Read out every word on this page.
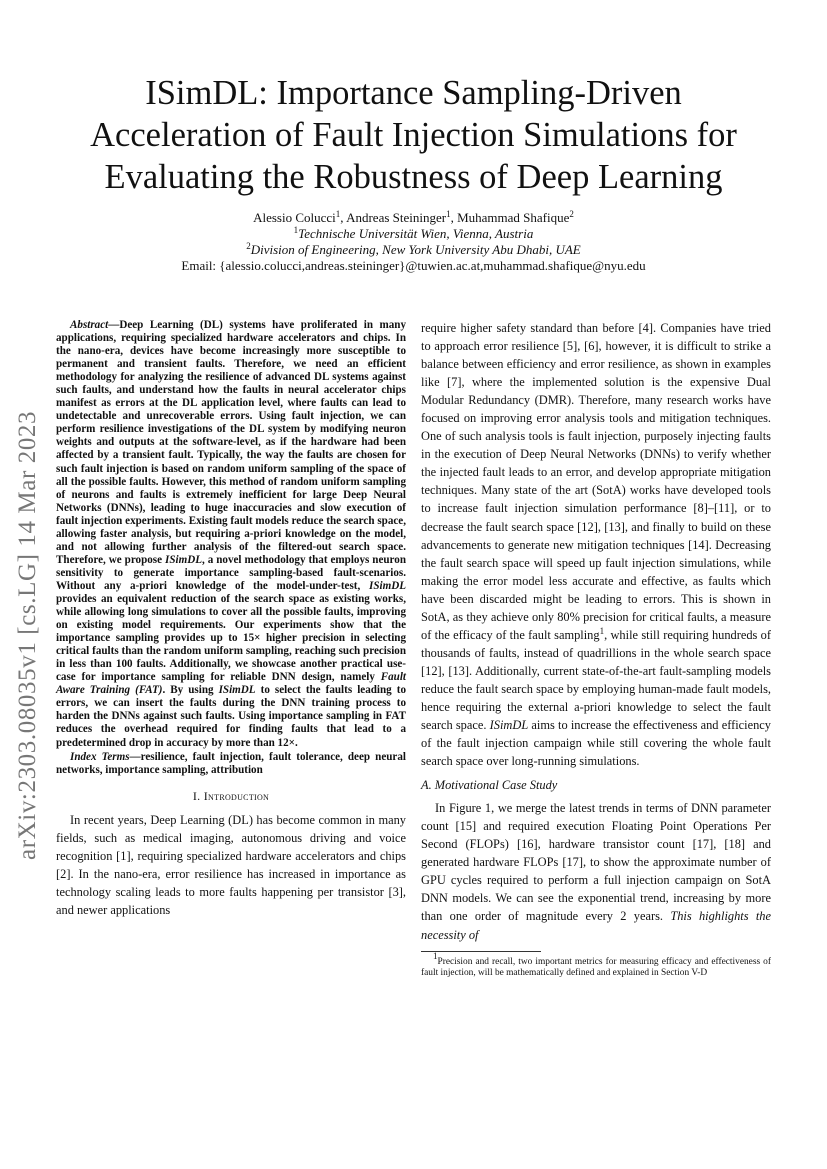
arXiv:2303.08035v1 [cs.LG] 14 Mar 2023
ISimDL: Importance Sampling-Driven Acceleration of Fault Injection Simulations for Evaluating the Robustness of Deep Learning
Alessio Colucci$^1$, Andreas Steininger$^1$, Muhammad Shafique$^2$
$^1$Technische Universität Wien, Vienna, Austria
$^2$Division of Engineering, New York University Abu Dhabi, UAE
Email: {alessio.colucci,andreas.steininger}@tuwien.ac.at,muhammad.shafique@nyu.edu

Abstract—Deep Learning (DL) systems have proliferated in many applications, requiring specialized hardware accelerators and chips. In the nano-era, devices have become increasingly more susceptible to permanent and transient faults. Therefore, we need an efficient methodology for analyzing the resilience of advanced DL systems against such faults, and understand how the faults in neural accelerator chips manifest as errors at the DL application level, where faults can lead to undetectable and unrecoverable errors. Using fault injection, we can perform resilience investigations of the DL system by modifying neuron weights and outputs at the software-level, as if the hardware had been affected by a transient fault. Typically, the way the faults are chosen for such fault injection is based on random uniform sampling of the space of all the possible faults. However, this method of random uniform sampling of neurons and faults is extremely inefficient for large Deep Neural Networks (DNNs), leading to huge inaccuracies and slow execution of fault injection experiments. Existing fault models reduce the search space, allowing faster analysis, but requiring a-priori knowledge on the model, and not allowing further analysis of the filtered-out search space. Therefore, we propose ISimDL, a novel methodology that employs neuron sensitivity to generate importance sampling-based fault-scenarios. Without any a-priori knowledge of the model-under-test, ISimDL provides an equivalent reduction of the search space as existing works, while allowing long simulations to cover all the possible faults, improving on existing model requirements. Our experiments show that the importance sampling provides up to 15× higher precision in selecting critical faults than the random uniform sampling, reaching such precision in less than 100 faults. Additionally, we showcase another practical use-case for importance sampling for reliable DNN design, namely Fault Aware Training (FAT). By using ISimDL to select the faults leading to errors, we can insert the faults during the DNN training process to harden the DNNs against such faults. Using importance sampling in FAT reduces the overhead required for finding faults that lead to a predetermined drop in accuracy by more than 12×.

Index Terms—resilience, fault injection, fault tolerance, deep neural networks, importance sampling, attribution

I. Introduction

In recent years, Deep Learning (DL) has become common in many fields, such as medical imaging, autonomous driving and voice recognition [1], requiring specialized hardware accelerators and chips [2]. In the nano-era, error resilience has increased in importance as technology scaling leads to more faults happening per transistor [3], and newer applications

require higher safety standard than before [4]. Companies have tried to approach error resilience [5], [6], however, it is difficult to strike a balance between efficiency and error resilience, as shown in examples like [7], where the implemented solution is the expensive Dual Modular Redundancy (DMR). Therefore, many research works have focused on improving error analysis tools and mitigation techniques. One of such analysis tools is fault injection, purposely injecting faults in the execution of Deep Neural Networks (DNNs) to verify whether the injected fault leads to an error, and develop appropriate mitigation techniques. Many state of the art (SotA) works have developed tools to increase fault injection simulation performance [8]–[11], or to decrease the fault search space [12], [13], and finally to build on these advancements to generate new mitigation techniques [14]. Decreasing the fault search space will speed up fault injection simulations, while making the error model less accurate and effective, as faults which have been discarded might be leading to errors. This is shown in SotA, as they achieve only 80% precision for critical faults, a measure of the efficacy of the fault sampling$^1$, while still requiring hundreds of thousands of faults, instead of quadrillions in the whole search space [12], [13]. Additionally, current state-of-the-art fault-sampling models reduce the fault search space by employing human-made fault models, hence requiring the external a-priori knowledge to select the fault search space. ISimDL aims to increase the effectiveness and efficiency of the fault injection campaign while still covering the whole fault search space over long-running simulations.

A. Motivational Case Study

In Figure 1, we merge the latest trends in terms of DNN parameter count [15] and required execution Floating Point Operations Per Second (FLOPs) [16], hardware transistor count [17], [18] and generated hardware FLOPs [17], to show the approximate number of GPU cycles required to perform a full injection campaign on SotA DNN models. We can see the exponential trend, increasing by more than one order of magnitude every 2 years. This highlights the necessity of

$^1$Precision and recall, two important metrics for measuring efficacy and effectiveness of fault injection, will be mathematically defined and explained in Section V-D
